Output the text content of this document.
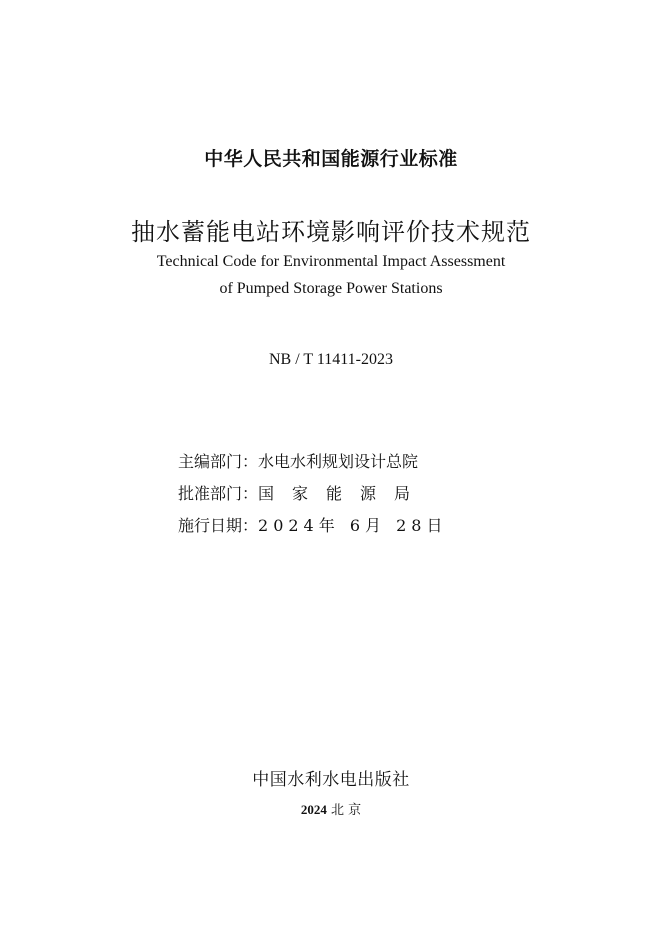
中华人民共和国能源行业标准
抽水蓄能电站环境影响评价技术规范
Technical Code for Environmental Impact Assessment
of Pumped Storage Power Stations
NB / T 11411-2023
主编部门：水电水利规划设计总院
批准部门：国家能源局
施行日期：2024年 6月 28日
中国水利水电出版社
2024 北 京
